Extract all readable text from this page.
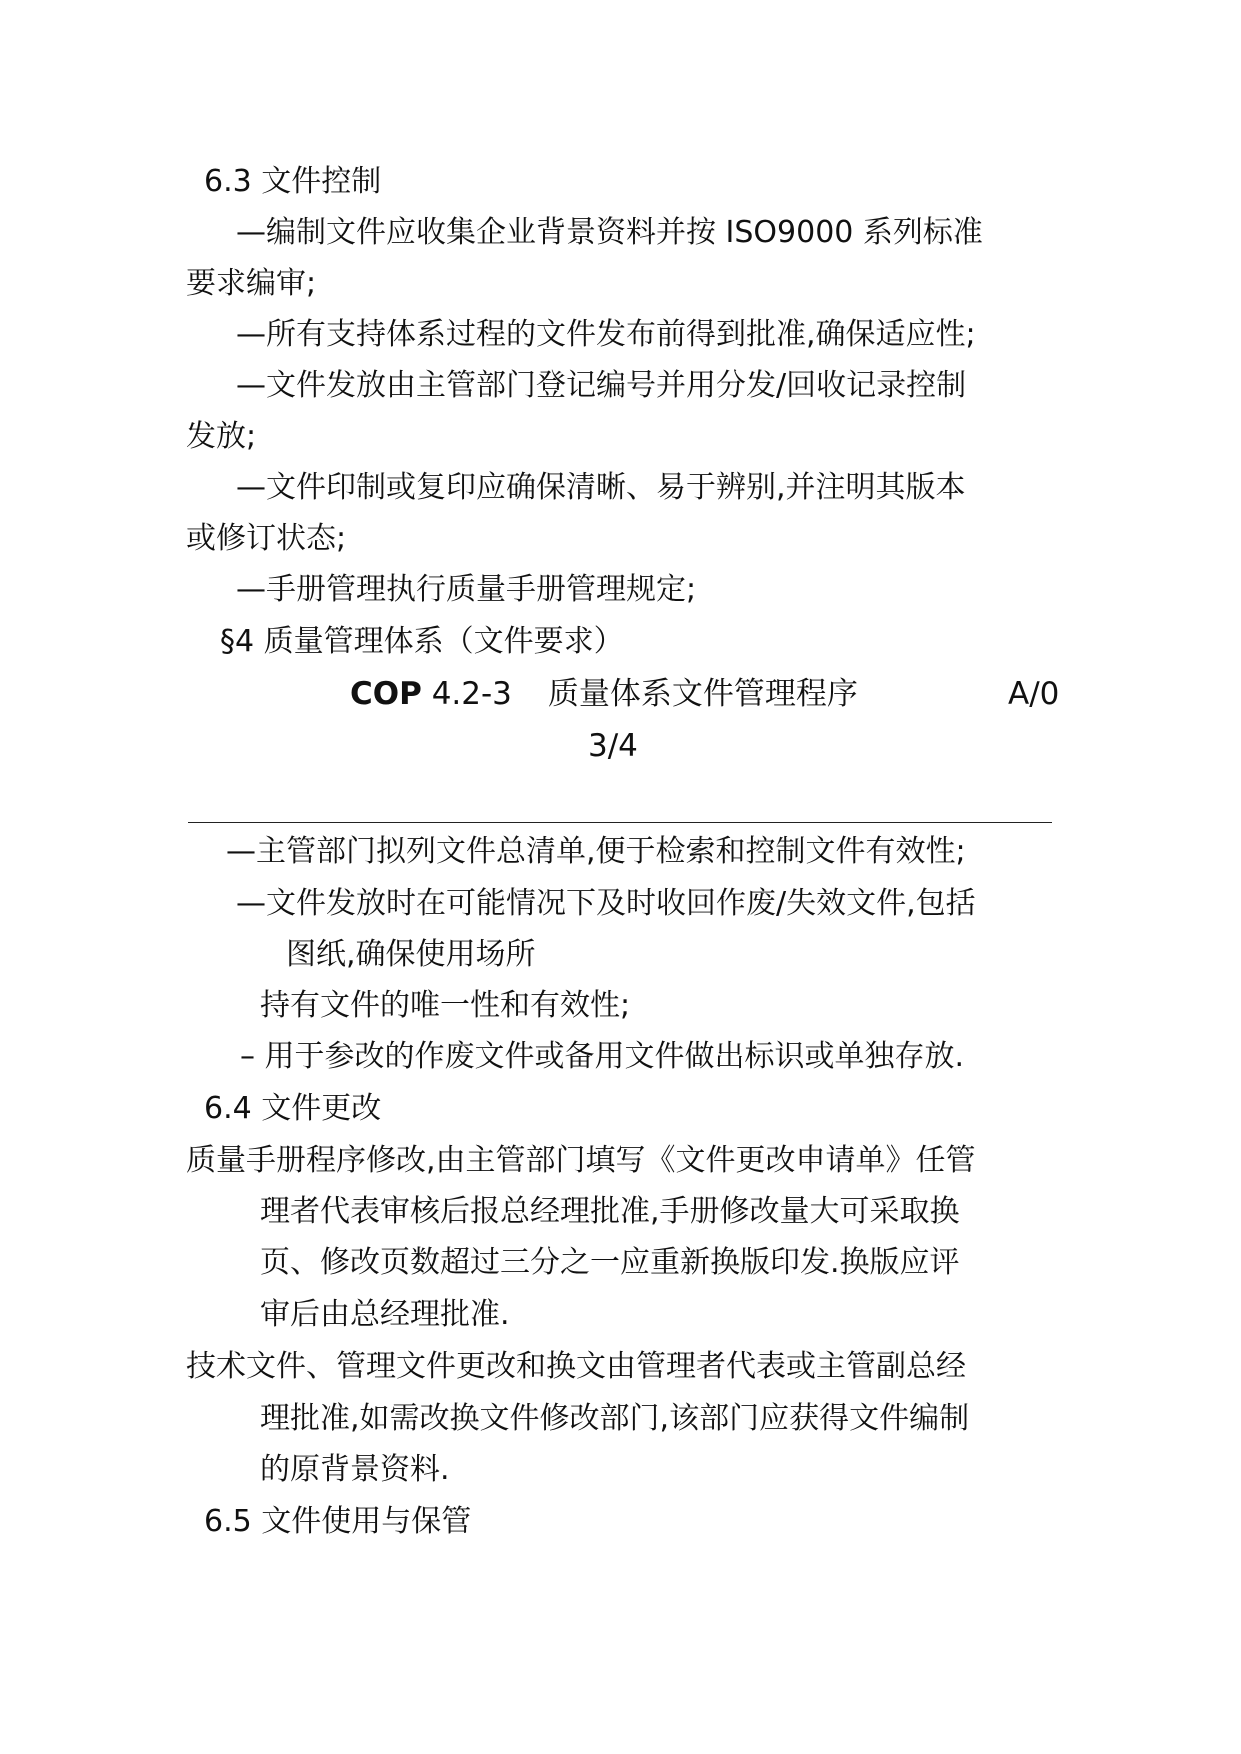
6.3 文件控制
—编制文件应收集企业背景资料并按 ISO9000 系列标准
要求编审;
—所有支持体系过程的文件发布前得到批准,确保适应性;
—文件发放由主管部门登记编号并用分发/回收记录控制
发放;
—文件印制或复印应确保清晰、易于辨别,并注明其版本
或修订状态;
—手册管理执行质量手册管理规定;
§4 质量管理体系（文件要求）
COP 4.2-3 质量体系文件管理程序	A/0
3/4
—主管部门拟列文件总清单,便于检索和控制文件有效性;
—文件发放时在可能情况下及时收回作废/失效文件,包括
图纸,确保使用场所
持有文件的唯一性和有效性;
– 用于参改的作废文件或备用文件做出标识或单独存放.
6.4 文件更改
质量手册程序修改,由主管部门填写《文件更改申请单》任管
理者代表审核后报总经理批准,手册修改量大可采取换
页、修改页数超过三分之一应重新换版印发.换版应评
审后由总经理批准.
技术文件、管理文件更改和换文由管理者代表或主管副总经
理批准,如需改换文件修改部门,该部门应获得文件编制
的原背景资料.
6.5 文件使用与保管
